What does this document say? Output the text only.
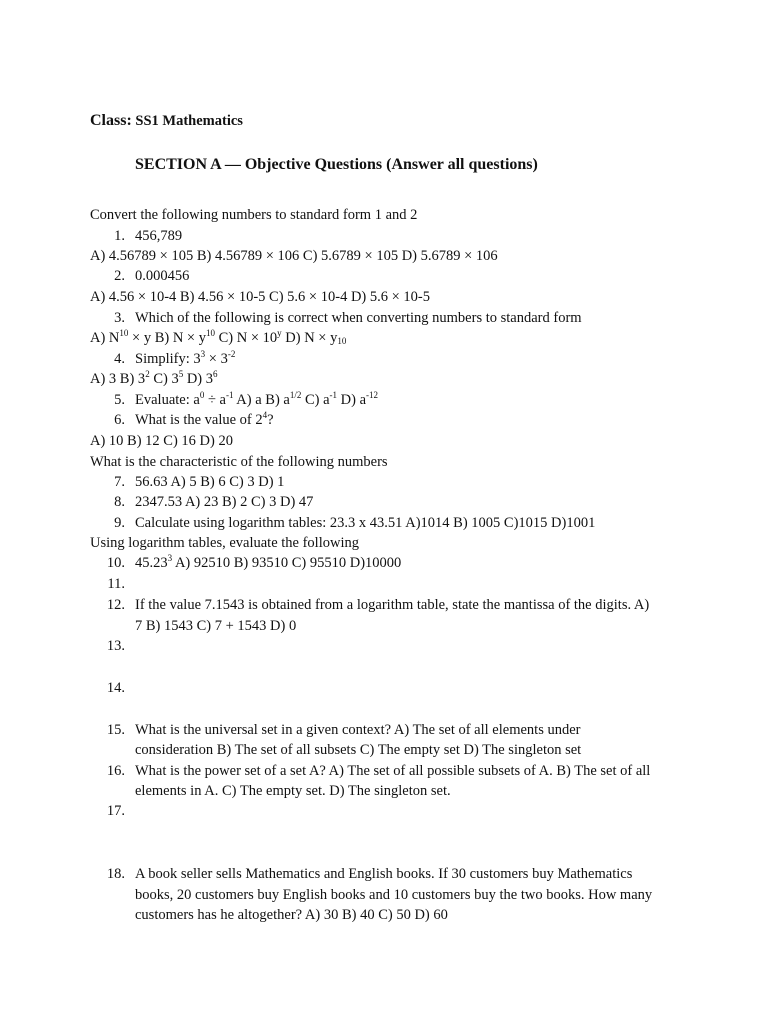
Class: SS1 Mathematics
SECTION A — Objective Questions (Answer all questions)
Convert the following numbers to standard form 1 and 2
1. 456,789
A) 4.56789 × 105 B) 4.56789 × 106 C) 5.6789 × 105 D) 5.6789 × 106
2. 0.000456
A) 4.56 × 10-4 B) 4.56 × 10-5 C) 5.6 × 10-4 D) 5.6 × 10-5
3. Which of the following is correct when converting numbers to standard form
A) $N^{10} \times y$ B) $N \times y^{10}$ C) $N \times 10^y$ D) $N \times y_{10}$
4. Simplify: $3^3 \times 3^{-2}$
A) 3 B) $3^2$ C) $3^5$ D) $3^6$
5. Evaluate: $a^0 \div a^{-1}$ A) a B) $a^{1/2}$ C) $a^{-1}$ D) $a^{-12}$
6. What is the value of $2^4$?
A) 10 B) 12 C) 16 D) 20
What is the characteristic of the following numbers
7. 56.63 A) 5 B) 6 C) 3 D) 1
8. 2347.53 A) 23 B) 2 C) 3 D) 47
9. Calculate using logarithm tables: 23.3 x 43.51 A)1014 B) 1005 C)1015 D)1001
Using logarithm tables, evaluate the following
10. 45.23$^3$ A) 92510 B) 93510 C) 95510 D)10000
11.
12. If the value 7.1543 is obtained from a logarithm table, state the mantissa of the digits. A)
7 B) 1543 C) 7 + 1543 D) 0
13.
14.
15. What is the universal set in a given context? A) The set of all elements under
consideration B) The set of all subsets C) The empty set D) The singleton set
16. What is the power set of a set A? A) The set of all possible subsets of A. B) The set of all
elements in A. C) The empty set. D) The singleton set.
17.
18. A book seller sells Mathematics and English books. If 30 customers buy Mathematics
books, 20 customers buy English books and 10 customers buy the two books. How many
customers has he altogether? A) 30 B) 40 C) 50 D) 60
